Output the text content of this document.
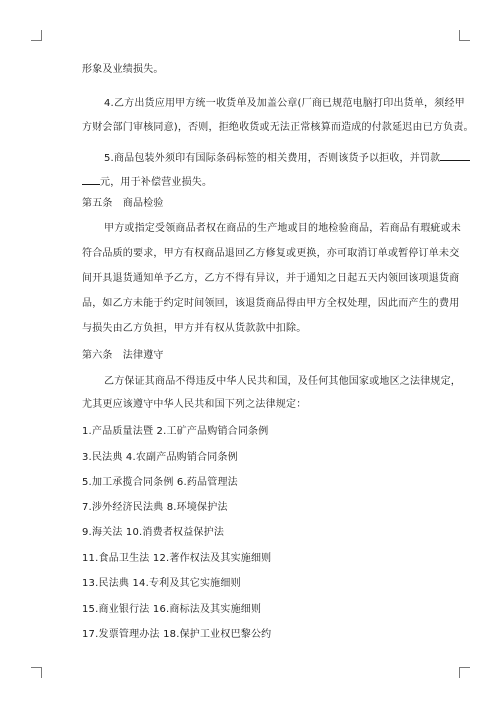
形象及业绩损失。
4.乙方出货应用甲方统一收货单及加盖公章(厂商已规范电脑打印出货单，须经甲
方财会部门审核同意)，否则，拒绝收货或无法正常核算而造成的付款延迟由已方负责。
5.商品包装外须印有国际条码标签的相关费用，否则该货予以拒收，并罚款
元，用于补偿营业损失。
第五条　商品检验
甲方或指定受领商品者权在商品的生产地或目的地检验商品，若商品有瑕疵或未
符合品质的要求，甲方有权商品退回乙方修复或更换，亦可取消订单或暂停订单未交
间开具退货通知单予乙方，乙方不得有异议，并于通知之日起五天内领回该项退货商
品，如乙方未能于约定时间领回，该退货商品得由甲方全权处理，因此而产生的费用
与损失由乙方负担，甲方并有权从货款款中扣除。
第六条　法律遵守
乙方保证其商品不得违反中华人民共和国，及任何其他国家或地区之法律规定，
尤其更应该遵守中华人民共和国下列之法律规定：
1.产品质量法暨 2.工矿产品购销合同条例
3.民法典 4.农副产品购销合同条例
5.加工承揽合同条例 6.药品管理法
7.涉外经济民法典 8.环境保护法
9.海关法 10.消费者权益保护法
11.食品卫生法 12.著作权法及其实施细则
13.民法典 14.专利及其它实施细则
15.商业银行法 16.商标法及其实施细则
17.发票管理办法 18.保护工业权巴黎公约
